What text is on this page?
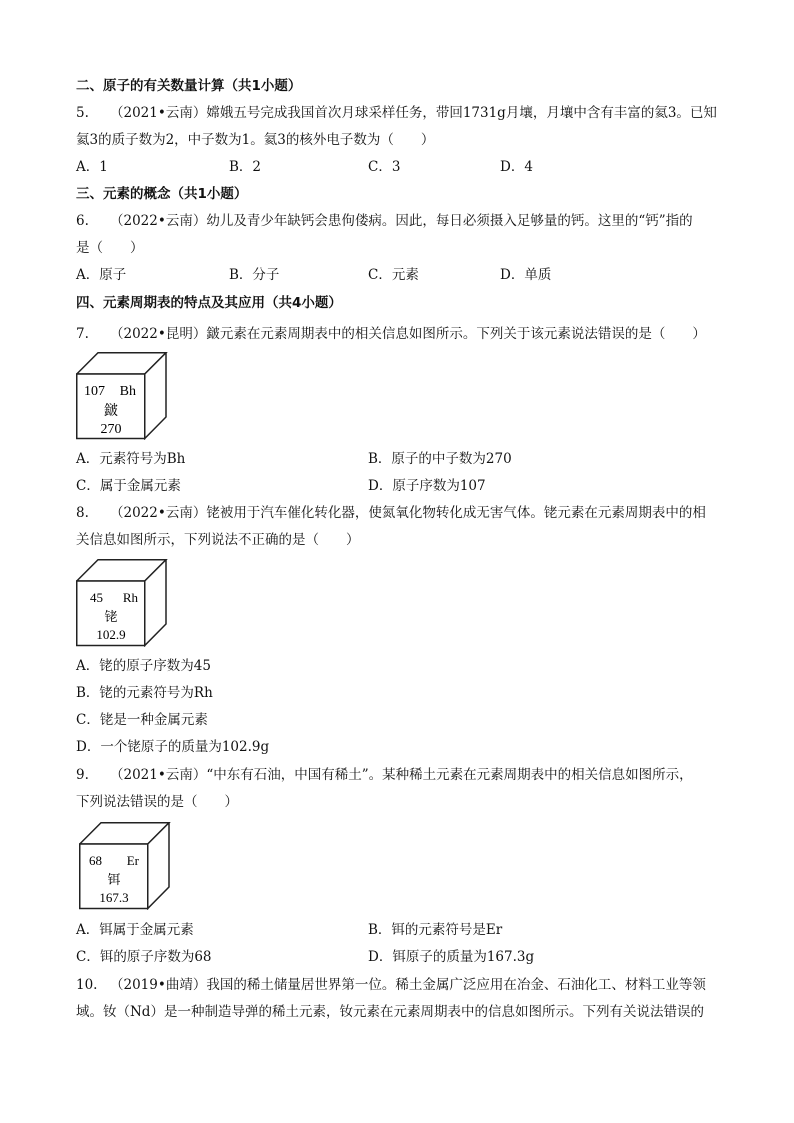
二、原子的有关数量计算（共1小题）
5. （2021•云南）嫦娥五号完成我国首次月球采样任务，带回1731g月壤，月壤中含有丰富的氦3。已知
氦3的质子数为2，中子数为1。氦3的核外电子数为（　　）
A．1	B．2	C．3	D．4
三、元素的概念（共1小题）
6. （2022•云南）幼儿及青少年缺钙会患佝偻病。因此，每日必须摄入足够量的钙。这里的“钙”指的
是（　　）
A．原子	B．分子	C．元素	D．单质
四、元素周期表的特点及其应用（共4小题）
7. （2022•昆明）𨨏元素在元素周期表中的相关信息如图所示。下列关于该元素说法错误的是（　　）
107 Bh
𨨏
270
A．元素符号为Bh	B．原子的中子数为270
C．属于金属元素	D．原子序数为107
8. （2022•云南）铑被用于汽车催化转化器，使氮氧化物转化成无害气体。铑元素在元素周期表中的相
关信息如图所示，下列说法不正确的是（　　）
45 Rh
铑
102.9
A．铑的原子序数为45
B．铑的元素符号为Rh
C．铑是一种金属元素
D．一个铑原子的质量为102.9g
9. （2021•云南）“中东有石油，中国有稀土”。某种稀土元素在元素周期表中的相关信息如图所示，
下列说法错误的是（　　）
68 Er
铒
167.3
A．铒属于金属元素	B．铒的元素符号是Er
C．铒的原子序数为68	D．铒原子的质量为167.3g
10. （2019•曲靖）我国的稀土储量居世界第一位。稀土金属广泛应用在冶金、石油化工、材料工业等领
域。钕（Nd）是一种制造导弹的稀土元素，钕元素在元素周期表中的信息如图所示。下列有关说法错误的
